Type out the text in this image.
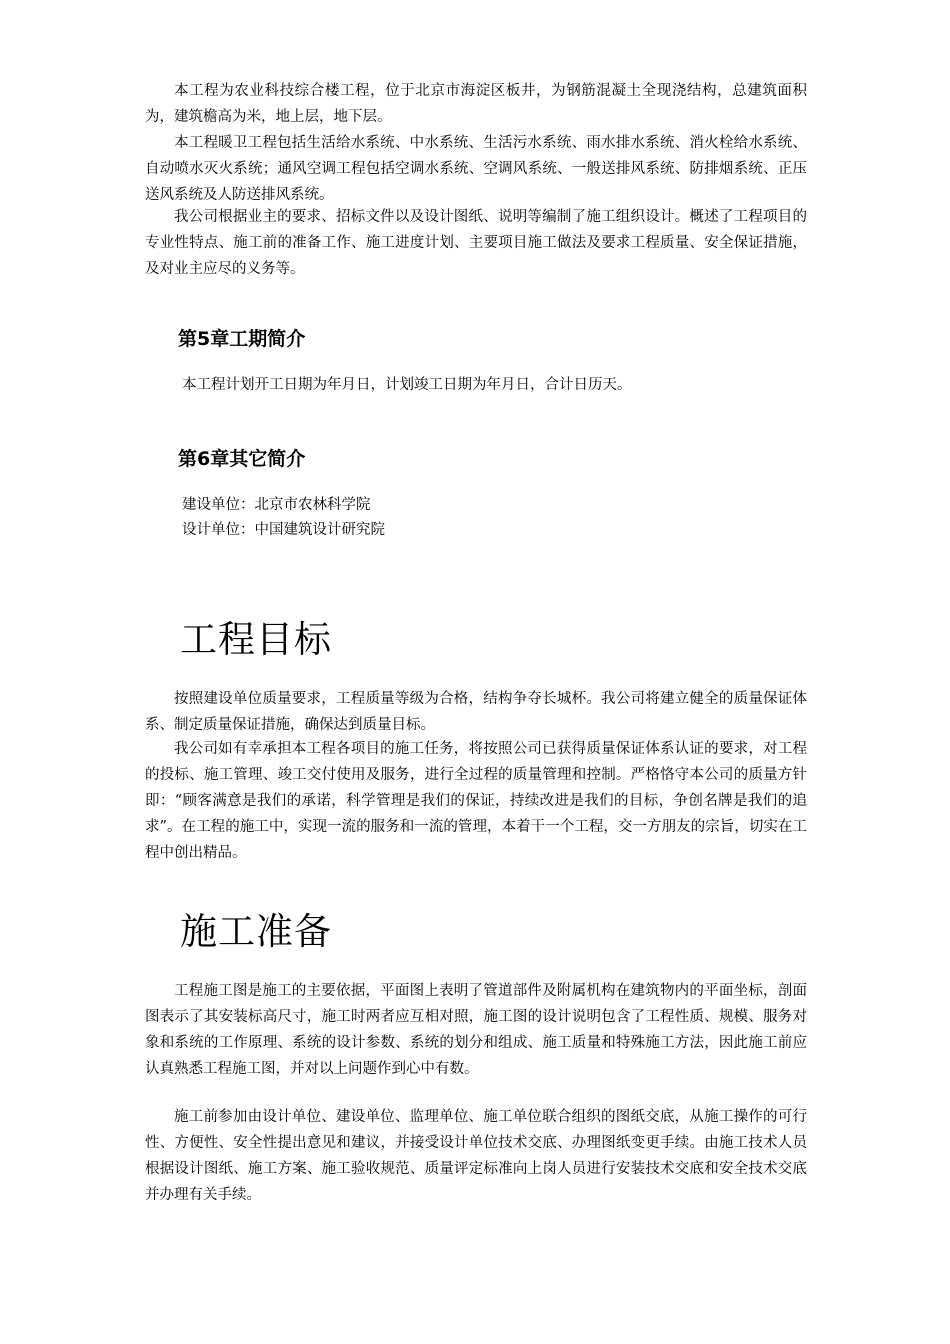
本工程为农业科技综合楼工程，位于北京市海淀区板井，为钢筋混凝土全现浇结构，总建筑面积为，建筑檐高为米，地上层，地下层。

本工程暖卫工程包括生活给水系统、中水系统、生活污水系统、雨水排水系统、消火栓给水系统、自动喷水灭火系统；通风空调工程包括空调水系统、空调风系统、一般送排风系统、防排烟系统、正压送风系统及人防送排风系统。

我公司根据业主的要求、招标文件以及设计图纸、说明等编制了施工组织设计。概述了工程项目的专业性特点、施工前的准备工作、施工进度计划、主要项目施工做法及要求工程质量、安全保证措施，及对业主应尽的义务等。

第5章工期简介

本工程计划开工日期为年月日，计划竣工日期为年月日，合计日历天。

第6章其它简介

建设单位：北京市农林科学院

设计单位：中国建筑设计研究院

工程目标

按照建设单位质量要求，工程质量等级为合格，结构争夺长城杯。我公司将建立健全的质量保证体系、制定质量保证措施，确保达到质量目标。

我公司如有幸承担本工程各项目的施工任务，将按照公司已获得质量保证体系认证的要求，对工程的投标、施工管理、竣工交付使用及服务，进行全过程的质量管理和控制。严格恪守本公司的质量方针即：“顾客满意是我们的承诺，科学管理是我们的保证，持续改进是我们的目标，争创名牌是我们的追求”。在工程的施工中，实现一流的服务和一流的管理，本着干一个工程，交一方朋友的宗旨，切实在工程中创出精品。

施工准备

工程施工图是施工的主要依据，平面图上表明了管道部件及附属机构在建筑物内的平面坐标，剖面图表示了其安装标高尺寸，施工时两者应互相对照，施工图的设计说明包含了工程性质、规模、服务对象和系统的工作原理、系统的设计参数、系统的划分和组成、施工质量和特殊施工方法，因此施工前应认真熟悉工程施工图，并对以上问题作到心中有数。

施工前参加由设计单位、建设单位、监理单位、施工单位联合组织的图纸交底，从施工操作的可行性、方便性、安全性提出意见和建议，并接受设计单位技术交底、办理图纸变更手续。由施工技术人员根据设计图纸、施工方案、施工验收规范、质量评定标准向上岗人员进行安装技术交底和安全技术交底并办理有关手续。
